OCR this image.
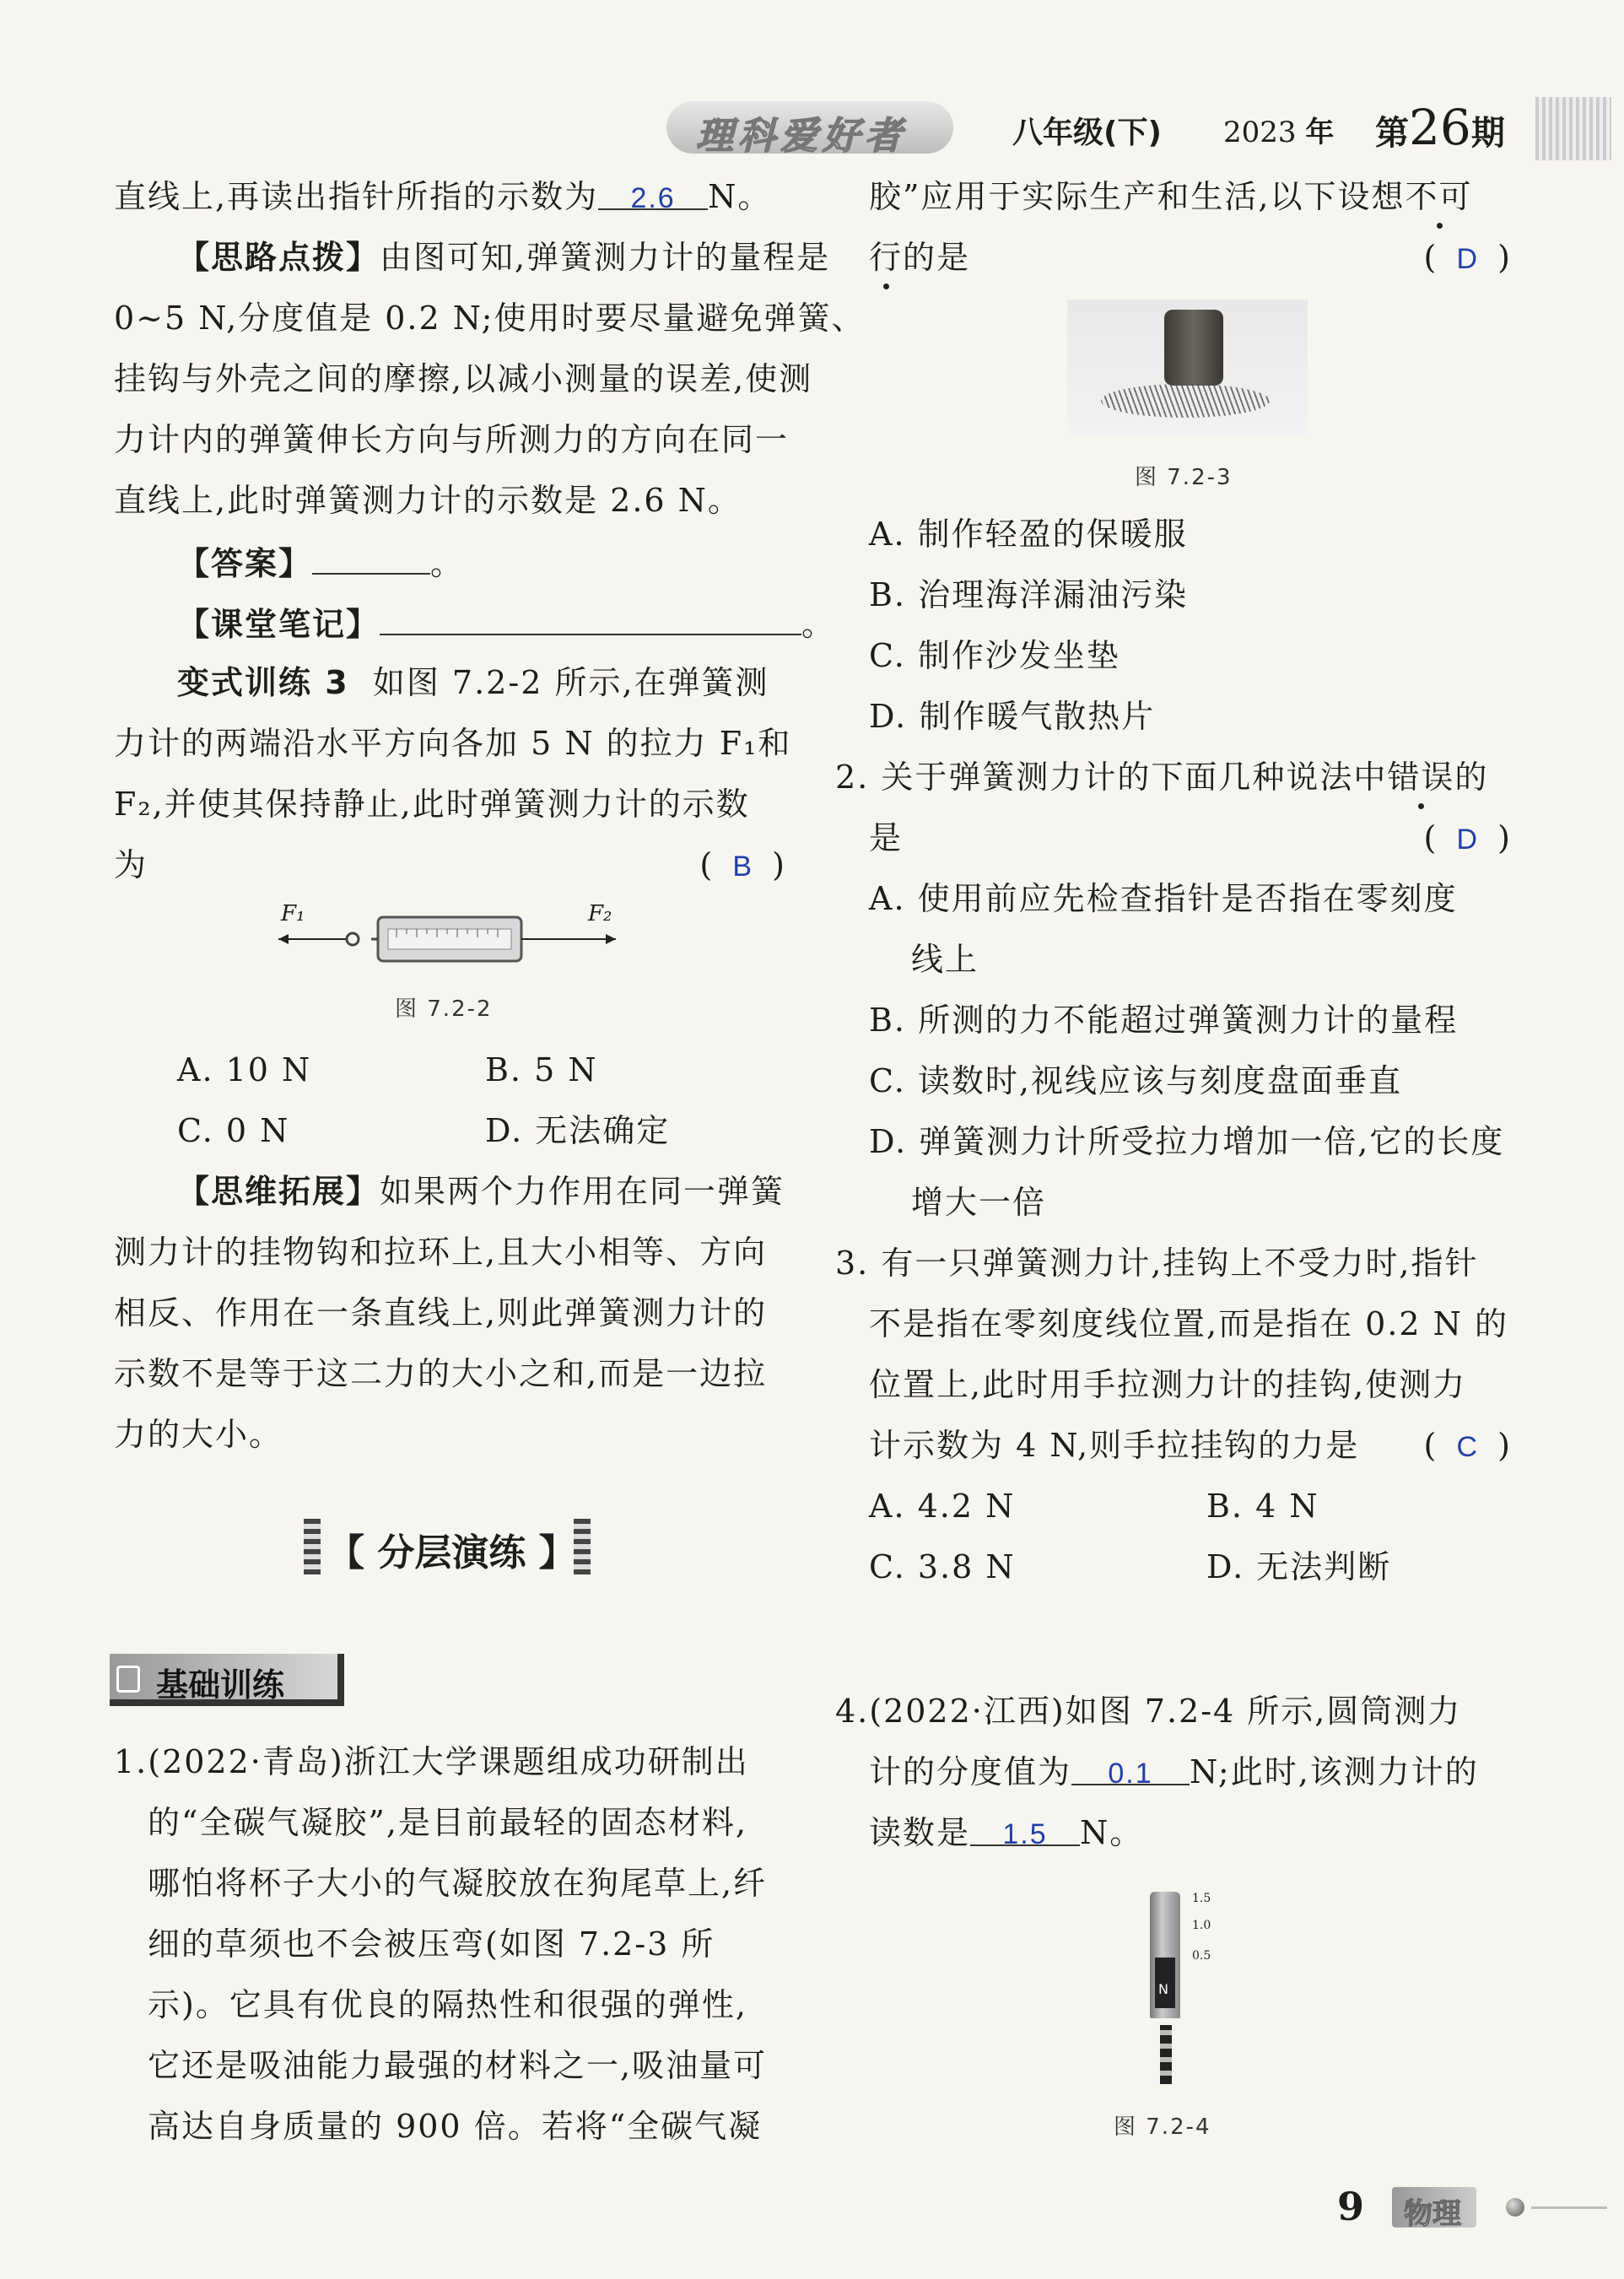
理科爱好者	八年级(下) 2023 年 第26期
直线上,再读出指针所指的示数为 2.6 N。
【思路点拨】由图可知,弹簧测力计的量程是
0~5 N,分度值是 0.2 N;使用时要尽量避免弹簧、
挂钩与外壳之间的摩擦,以减小测量的误差,使测
力计内的弹簧伸长方向与所测力的方向在同一
直线上,此时弹簧测力计的示数是 2.6 N。
【答案】	。
【课堂笔记】	。
变式训练 3 如图 7.2-2 所示,在弹簧测
力计的两端沿水平方向各加 5 N 的拉力 F₁和
F₂,并使其保持静止,此时弹簧测力计的示数
为	(  B  )
F₁	F₂
图 7.2-2
A. 10 N	B. 5 N
C. 0 N	D. 无法确定
【思维拓展】如果两个力作用在同一弹簧
测力计的挂物钩和拉环上,且大小相等、方向
相反、作用在一条直线上,则此弹簧测力计的
示数不是等于这二力的大小之和,而是一边拉
力的大小。
【 分层演练 】
基础训练
1.(2022·青岛)浙江大学课题组成功研制出
的“全碳气凝胶”,是目前最轻的固态材料,
哪怕将杯子大小的气凝胶放在狗尾草上,纤
细的草须也不会被压弯(如图 7.2-3 所
示)。它具有优良的隔热性和很强的弹性,
它还是吸油能力最强的材料之一,吸油量可
高达自身质量的 900 倍。若将“全碳气凝
胶”应用于实际生产和生活,以下设想不可
行的是	(  D  )
图 7.2-3
A. 制作轻盈的保暖服
B. 治理海洋漏油污染
C. 制作沙发坐垫
D. 制作暖气散热片
2. 关于弹簧测力计的下面几种说法中错误的
是	(  D  )
A. 使用前应先检查指针是否指在零刻度
线上
B. 所测的力不能超过弹簧测力计的量程
C. 读数时,视线应该与刻度盘面垂直
D. 弹簧测力计所受拉力增加一倍,它的长度
增大一倍
3. 有一只弹簧测力计,挂钩上不受力时,指针
不是指在零刻度线位置,而是指在 0.2 N 的
位置上,此时用手拉测力计的挂钩,使测力
计示数为 4 N,则手拉挂钩的力是 (  C  )
A. 4.2 N	B. 4 N
C. 3.8 N	D. 无法判断
4.(2022·江西)如图 7.2-4 所示,圆筒测力
计的分度值为 0.1 N;此时,该测力计的
读数是 1.5 N。
N
1.5
1.0
0.5
图 7.2-4
9 物理
